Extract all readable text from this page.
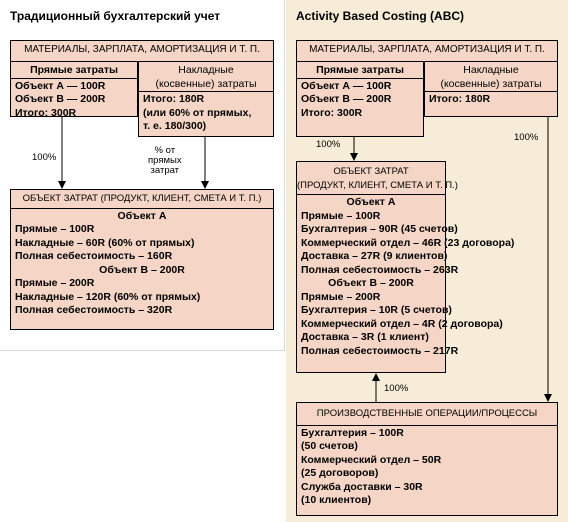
Традиционный бухгалтерский учет	Activity Based Costing (ABC)
МАТЕРИАЛЫ, ЗАРПЛАТА, АМОРТИЗАЦИЯ И Т. П.
Прямые затраты
Объект А — 100R
Объект В — 200R
Итого: 300R
Накладные
(косвенные) затраты
Итого: 180R
(или 60% от прямых,
т. е. 180/300)
100%
% от
прямых
затрат
ОБЪЕКТ ЗАТРАТ (ПРОДУКТ, КЛИЕНТ, СМЕТА И Т. П.)
Объект А
Прямые – 100R
Накладные – 60R (60% от прямых)
Полная себестоимость – 160R
Объект В – 200R
Прямые – 200R
Накладные – 120R (60% от прямых)
Полная себестоимость – 320R
МАТЕРИАЛЫ, ЗАРПЛАТА, АМОРТИЗАЦИЯ И Т. П.
Прямые затраты
Объект А — 100R
Объект В — 200R
Итого: 300R
Накладные
(косвенные) затраты
Итого: 180R
100%
100%
100%
ОБЪЕКТ ЗАТРАТ
(ПРОДУКТ, КЛИЕНТ, СМЕТА И Т. П.)
Объект А
Прямые – 100R
Бухгалтерия – 90R (45 счетов)
Коммерческий отдел – 46R (23 договора)
Доставка – 27R (9 клиентов)
Полная себестоимость – 263R
Объект В – 200R
Прямые – 200R
Бухгалтерия – 10R (5 счетов)
Коммерческий отдел – 4R (2 договора)
Доставка – 3R (1 клиент)
Полная себестоимость – 217R
ПРОИЗВОДСТВЕННЫЕ ОПЕРАЦИИ/ПРОЦЕССЫ
Бухгалтерия – 100R
(50 счетов)
Коммерческий отдел – 50R
(25 договоров)
Служба доставки – 30R
(10 клиентов)
